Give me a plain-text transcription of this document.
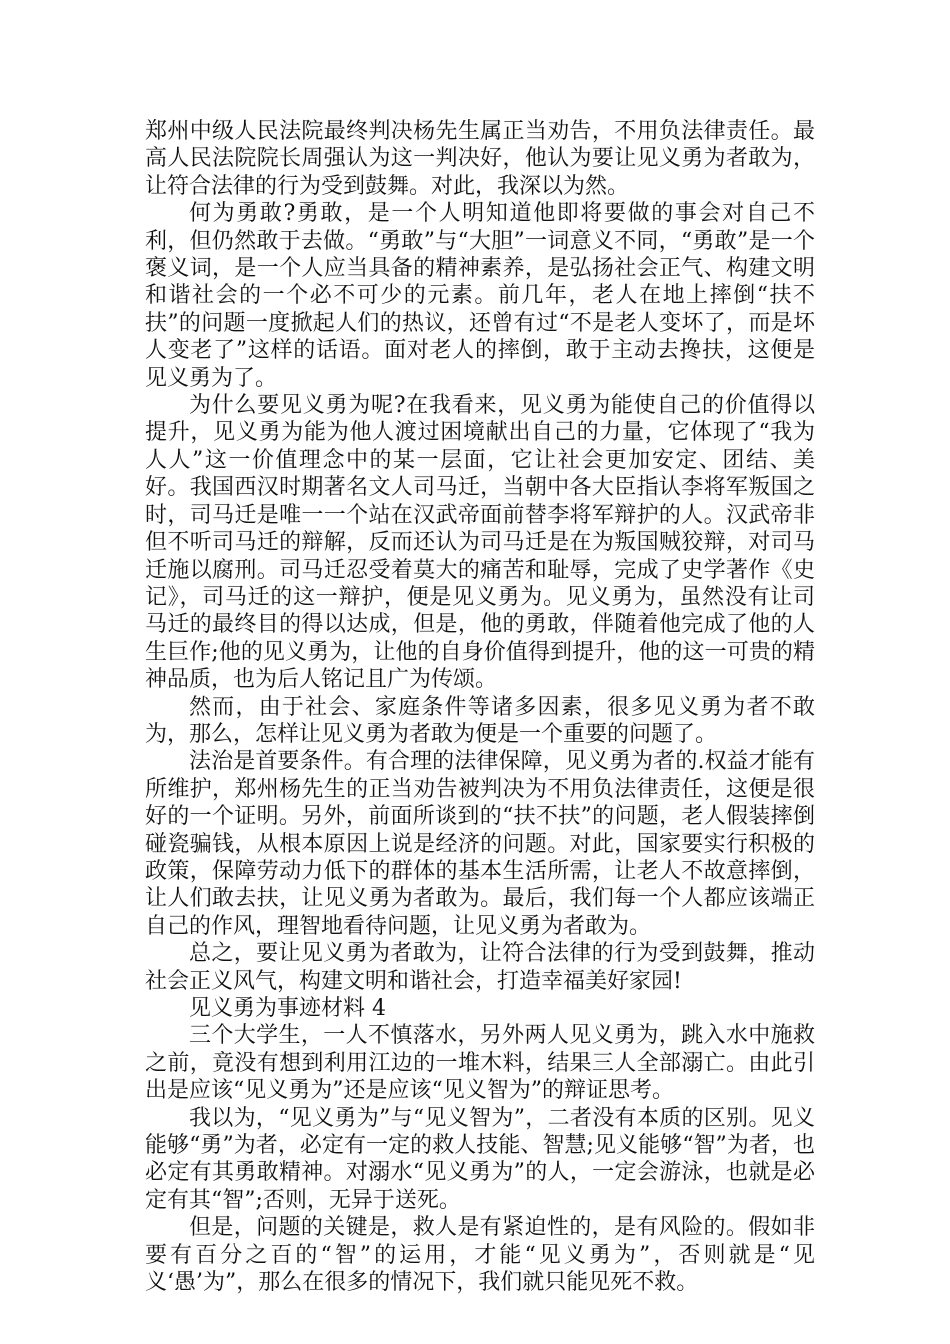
郑州中级人民法院最终判决杨先生属正当劝告，不用负法律责任。最高人民法院院长周强认为这一判决好，他认为要让见义勇为者敢为，让符合法律的行为受到鼓舞。对此，我深以为然。

何为勇敢?勇敢，是一个人明知道他即将要做的事会对自己不利，但仍然敢于去做。“勇敢”与“大胆”一词意义不同，“勇敢”是一个褒义词，是一个人应当具备的精神素养，是弘扬社会正气、构建文明和谐社会的一个必不可少的元素。前几年，老人在地上摔倒“扶不扶”的问题一度掀起人们的热议，还曾有过“不是老人变坏了，而是坏人变老了”这样的话语。面对老人的摔倒，敢于主动去搀扶，这便是见义勇为了。

为什么要见义勇为呢?在我看来，见义勇为能使自己的价值得以提升，见义勇为能为他人渡过困境献出自己的力量，它体现了“我为人人”这一价值理念中的某一层面，它让社会更加安定、团结、美好。我国西汉时期著名文人司马迁，当朝中各大臣指认李将军叛国之时，司马迁是唯一一个站在汉武帝面前替李将军辩护的人。汉武帝非但不听司马迁的辩解，反而还认为司马迁是在为叛国贼狡辩，对司马迁施以腐刑。司马迁忍受着莫大的痛苦和耻辱，完成了史学著作《史记》，司马迁的这一辩护，便是见义勇为。见义勇为，虽然没有让司马迁的最终目的得以达成，但是，他的勇敢，伴随着他完成了他的人生巨作;他的见义勇为，让他的自身价值得到提升，他的这一可贵的精神品质，也为后人铭记且广为传颂。

然而，由于社会、家庭条件等诸多因素，很多见义勇为者不敢为，那么，怎样让见义勇为者敢为便是一个重要的问题了。

法治是首要条件。有合理的法律保障，见义勇为者的.权益才能有所维护，郑州杨先生的正当劝告被判决为不用负法律责任，这便是很好的一个证明。另外，前面所谈到的“扶不扶”的问题，老人假装摔倒碰瓷骗钱，从根本原因上说是经济的问题。对此，国家要实行积极的政策，保障劳动力低下的群体的基本生活所需，让老人不故意摔倒，让人们敢去扶，让见义勇为者敢为。最后，我们每一个人都应该端正自己的作风，理智地看待问题，让见义勇为者敢为。

总之，要让见义勇为者敢为，让符合法律的行为受到鼓舞，推动社会正义风气，构建文明和谐社会，打造幸福美好家园!

见义勇为事迹材料 4

三个大学生，一人不慎落水，另外两人见义勇为，跳入水中施救之前，竟没有想到利用江边的一堆木料，结果三人全部溺亡。由此引出是应该“见义勇为”还是应该“见义智为”的辩证思考。

我以为，“见义勇为”与“见义智为”，二者没有本质的区别。见义能够“勇”为者，必定有一定的救人技能、智慧;见义能够“智”为者，也必定有其勇敢精神。对溺水“见义勇为”的人，一定会游泳，也就是必定有其“智”;否则，无异于送死。

但是，问题的关键是，救人是有紧迫性的，是有风险的。假如非要有百分之百的“智”的运用，才能“见义勇为”，否则就是“见义‘愚’为”，那么在很多的情况下，我们就只能见死不救。
